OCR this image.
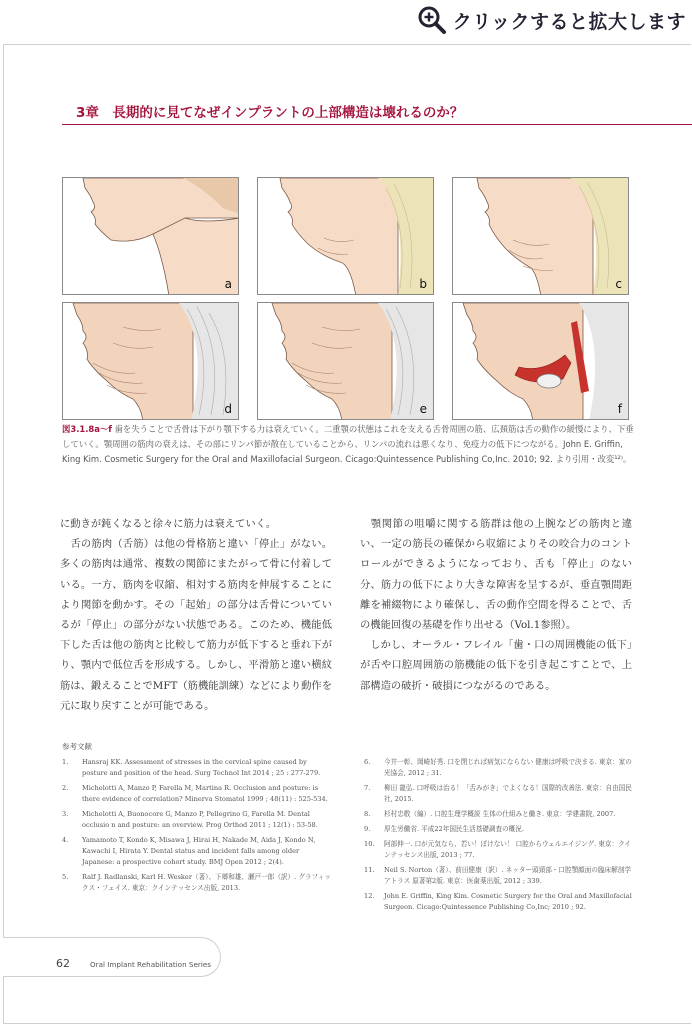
クリックすると拡大します
3章　長期的に見てなぜインプラントの上部構造は壊れるのか？
a	b	c
d	e	f
図3.1.8a〜f 歯を失うことで舌骨は下がり顎下する力は衰えていく。二重顎の状態はこれを支える舌骨周囲の筋、広頚筋は舌の動作の緩慢により、下垂していく。顎周囲の筋肉の衰えは、その部にリンパ節が散在していることから、リンパの流れは悪くなり、免疫力の低下につながる。John E. Griffin, King Kim. Cosmetic Surgery for the Oral and Maxillofacial Surgeon. Cicago:Quintessence Publishing Co,Inc. 2010; 92. より引用・改変¹²⁾。

に動きが鈍くなると徐々に筋力は衰えていく。

　舌の筋肉（舌筋）は他の骨格筋と違い「停止」がない。多くの筋肉は通常、複数の関節にまたがって骨に付着している。一方、筋肉を収縮、相対する筋肉を伸展することにより関節を動かす。その「起始」の部分は舌骨についているが「停止」の部分がない状態である。このため、機能低下した舌は他の筋肉と比較して筋力が低下すると垂れ下がり、顎内で低位舌を形成する。しかし、平滑筋と違い横紋筋は、鍛えることでMFT（筋機能訓練）などにより動作を元に取り戻すことが可能である。

　顎関節の咀嚼に関する筋群は他の上腕などの筋肉と違い、一定の筋長の確保から収縮によりその咬合力のコントロールができるようになっており、舌も「停止」のない分、筋力の低下により大きな障害を呈するが、垂直顎間距離を補綴物により確保し、舌の動作空間を得ることで、舌の機能回復の基礎を作り出せる（Vol.1参照）。

　しかし、オーラル・フレイル「歯・口の周囲機能の低下」が舌や口腔周囲筋の筋機能の低下を引き起こすことで、上部構造の破折・破損につながるのである。

参考文献
1.	Hansraj KK. Assessment of stresses in the cervical spine caused by posture and position of the head. Surg Technol Int 2014 ; 25 : 277-279.
2.	Michelotti A, Manzo P, Farella M, Martina R. Occlusion and posture: is there evidence of correlation? Minerva Stomatol 1999 ; 48(11) : 525-534.
3.	Michelotti A, Buonocore G, Manzo P, Pellegrino G, Farella M. Dental occlusio n and posture: an overview. Prog Orthod 2011 ; 12(1) : 53-58.
4.	Yamamoto T, Kondo K, Misawa J, Hirai H, Nakade M, Aida J, Kondo N, Kawachi I, Hirata Y. Dental status and incident falls among older Japanese: a prospective cohort study. BMJ Open 2012 ; 2(4).
5.	Ralf J. Radlanski, Karl H. Wesker（著）、下郷和雄、瀬戸一郎（訳）. グラフィックス・フェイス. 東京：クインテッセンス出版, 2013.
6.	今井一彰、岡崎好秀. 口を閉じれば病気にならない 健康は呼吸で決まる. 東京：家の光協会, 2012 ; 31.
7.	柳田 龍弘. 口呼吸は治る！「舌みがき」でよくなる！国際的改善法. 東京：自由国民社, 2015.
8.	杉村忠敬（編）. 口腔生理学概説 生体の仕組みと働き. 東京：学建書院, 2007.
9.	厚生労働省. 平成22年国民生活基礎調査の概況.
10.	阿部伸一. 口が元気なら、若い！ぼけない！ 口腔からウェルエイジング. 東京：クインテッセンス出版, 2013 ; 77.
11.	Neil S. Norton（著）、前田健康（訳）. ネッター頭頸部・口腔顎顔面の臨床解剖学アトラス 原著第2版. 東京：医歯薬出版, 2012 ; 339.
12.	John E. Griffin, King Kim. Cosmetic Surgery for the Oral and Maxillofacial Surgeon. Cicago:Quintessence Publishing Co,Inc; 2010 ; 92.
62	Oral Implant Rehabilitation Series
